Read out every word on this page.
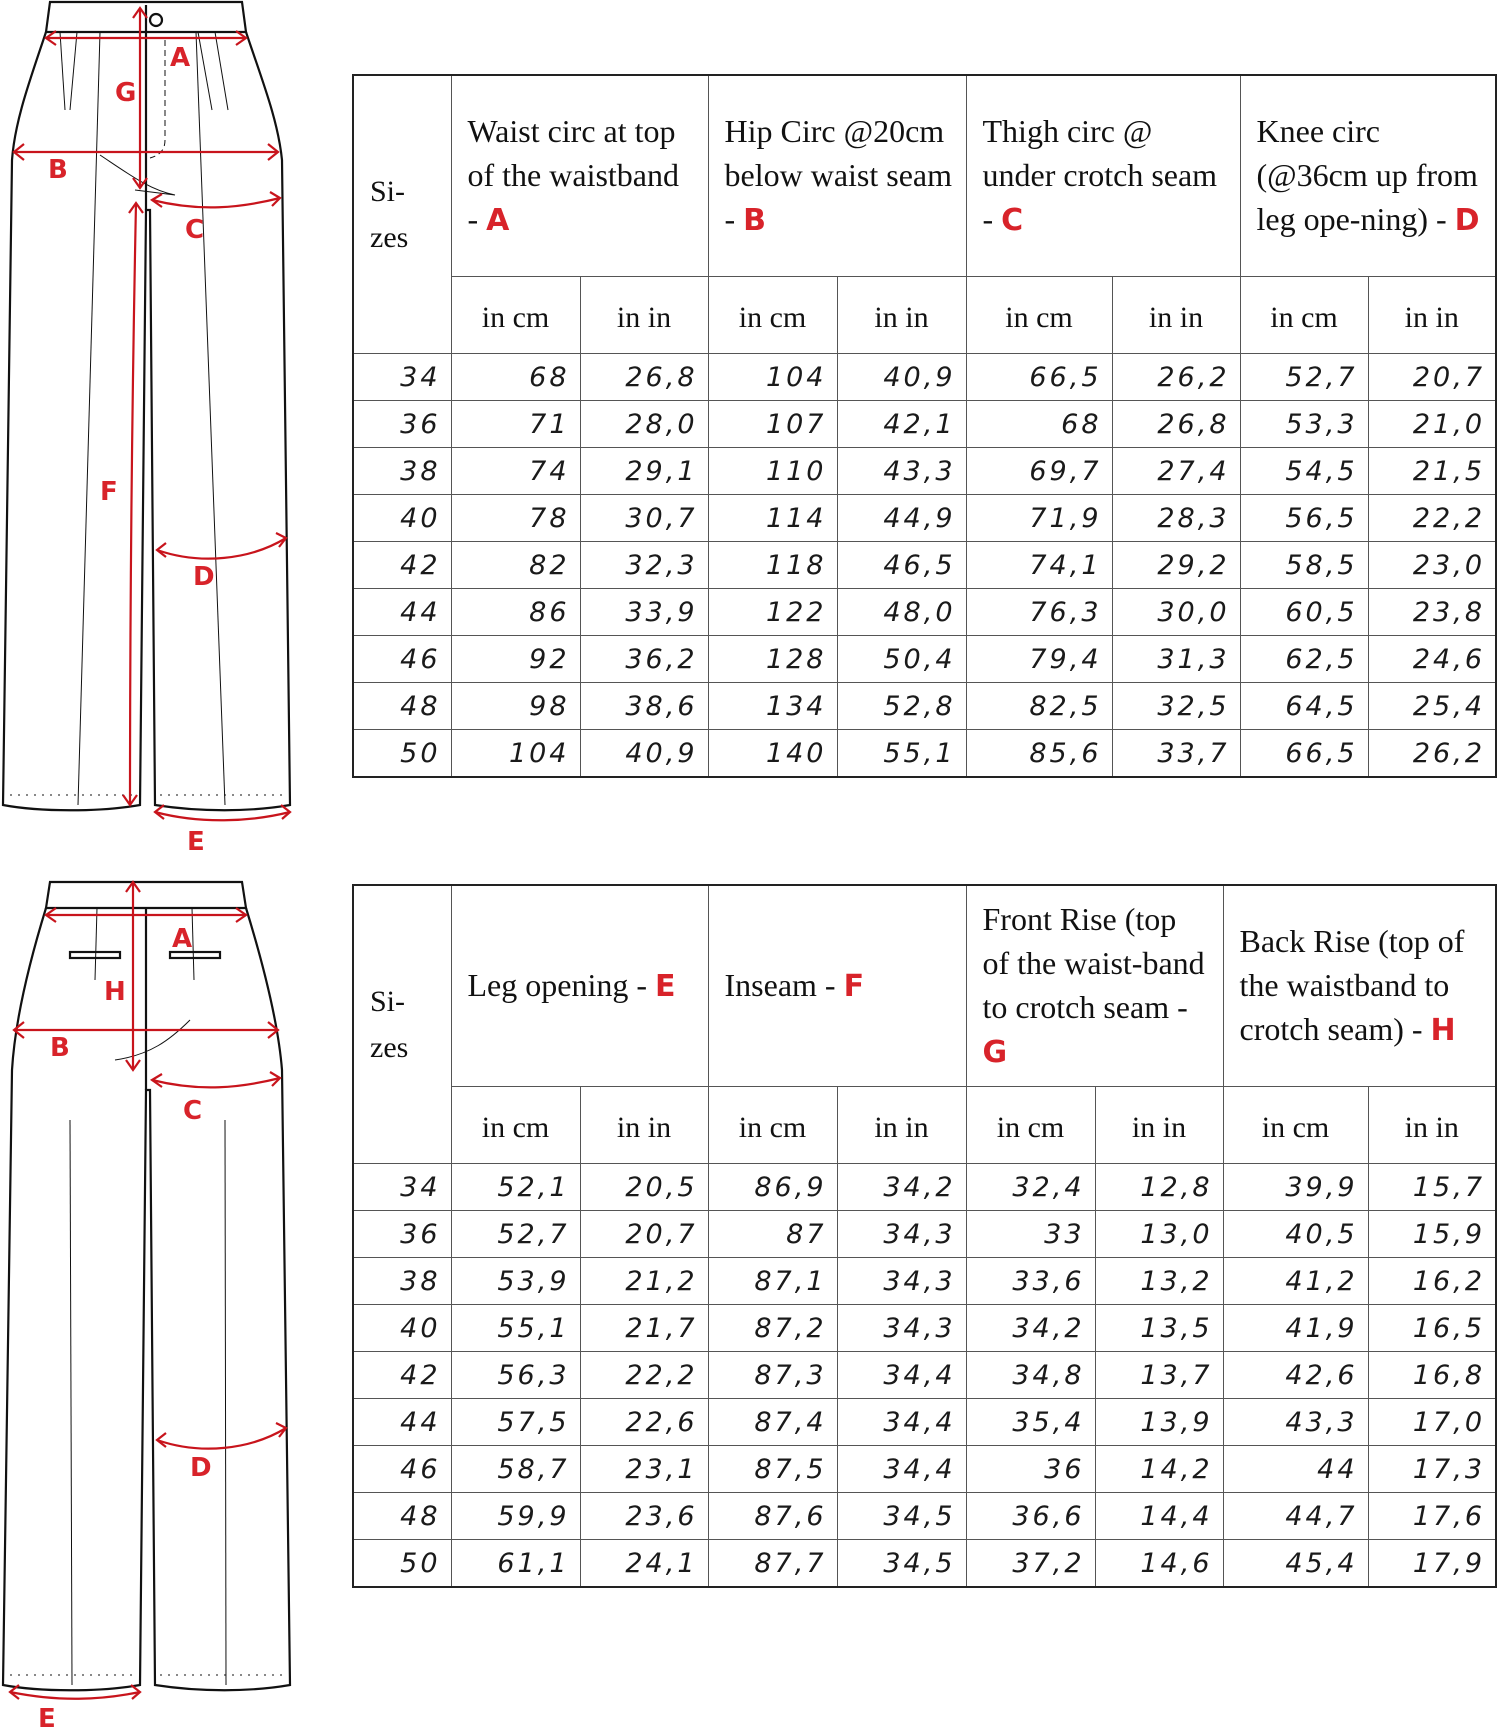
A
B
C
D
E
F
G
A
B
C
D
E
H
Si-
zes	Waist circ at top of the waistband - A		Hip Circ @20cm below waist seam - B		Thigh circ @ under crotch seam - C		Knee circ (@36cm up from leg ope-ning) - D	
	in cm	in in	in cm	in in	in cm	in in	in cm	in in
34	68	26,8	104	40,9	66,5	26,2	52,7	20,7
36	71	28,0	107	42,1	68	26,8	53,3	21,0
38	74	29,1	110	43,3	69,7	27,4	54,5	21,5
40	78	30,7	114	44,9	71,9	28,3	56,5	22,2
42	82	32,3	118	46,5	74,1	29,2	58,5	23,0
44	86	33,9	122	48,0	76,3	30,0	60,5	23,8
46	92	36,2	128	50,4	79,4	31,3	62,5	24,6
48	98	38,6	134	52,8	82,5	32,5	64,5	25,4
50	104	40,9	140	55,1	85,6	33,7	66,5	26,2
Si-
zes	Leg opening - E		Inseam - F		Front Rise (top of the waist-band to crotch seam - G		Back Rise (top of the waistband to crotch seam) - H	
	in cm	in in	in cm	in in	in cm	in in	in cm	in in
34	52,1	20,5	86,9	34,2	32,4	12,8	39,9	15,7
36	52,7	20,7	87	34,3	33	13,0	40,5	15,9
38	53,9	21,2	87,1	34,3	33,6	13,2	41,2	16,2
40	55,1	21,7	87,2	34,3	34,2	13,5	41,9	16,5
42	56,3	22,2	87,3	34,4	34,8	13,7	42,6	16,8
44	57,5	22,6	87,4	34,4	35,4	13,9	43,3	17,0
46	58,7	23,1	87,5	34,4	36	14,2	44	17,3
48	59,9	23,6	87,6	34,5	36,6	14,4	44,7	17,6
50	61,1	24,1	87,7	34,5	37,2	14,6	45,4	17,9
